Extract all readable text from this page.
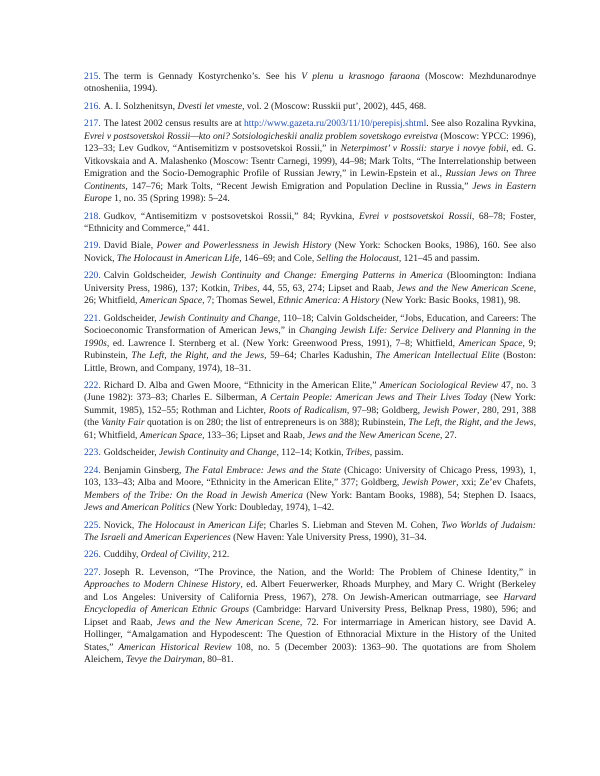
215. The term is Gennady Kostyrchenko’s. See his V plenu u krasnogo faraona (Moscow: Mezhdunarodnye otnosheniia, 1994).

216. A. I. Solzhenitsyn, Dvesti let vmeste, vol. 2 (Moscow: Russkii put’, 2002), 445, 468.

217. The latest 2002 census results are at http://www.gazeta.ru/2003/11/10/perepisj.shtml. See also Rozalina Ryvkina, Evrei v postsovetskoi Rossii—kto oni? Sotsiologicheskii analiz problem sovetskogo evreistva (Moscow: YPCC: 1996), 123–33; Lev Gudkov, “Antisemitizm v postsovetskoi Rossii,” in Neterpimost’ v Rossii: starye i novye fobii, ed. G. Vitkovskaia and A. Malashenko (Moscow: Tsentr Carnegi, 1999), 44–98; Mark Tolts, “The Interrelationship between Emigration and the Socio-Demographic Profile of Russian Jewry,” in Lewin-Epstein et al., Russian Jews on Three Continents, 147–76; Mark Tolts, “Recent Jewish Emigration and Population Decline in Russia,” Jews in Eastern Europe 1, no. 35 (Spring 1998): 5–24.

218. Gudkov, “Antisemitizm v postsovetskoi Rossii,” 84; Ryvkina, Evrei v postsovetskoi Rossii, 68–78; Foster, “Ethnicity and Commerce,” 441.

219. David Biale, Power and Powerlessness in Jewish History (New York: Schocken Books, 1986), 160. See also Novick, The Holocaust in American Life, 146–69; and Cole, Selling the Holocaust, 121–45 and passim.

220. Calvin Goldscheider, Jewish Continuity and Change: Emerging Patterns in America (Bloomington: Indiana University Press, 1986), 137; Kotkin, Tribes, 44, 55, 63, 274; Lipset and Raab, Jews and the New American Scene, 26; Whitfield, American Space, 7; Thomas Sewel, Ethnic America: A History (New York: Basic Books, 1981), 98.

221. Goldscheider, Jewish Continuity and Change, 110–18; Calvin Goldscheider, “Jobs, Education, and Careers: The Socioeconomic Transformation of American Jews,” in Changing Jewish Life: Service Delivery and Planning in the 1990s, ed. Lawrence I. Sternberg et al. (New York: Greenwood Press, 1991), 7–8; Whitfield, American Space, 9; Rubinstein, The Left, the Right, and the Jews, 59–64; Charles Kadushin, The American Intellectual Elite (Boston: Little, Brown, and Company, 1974), 18–31.

222. Richard D. Alba and Gwen Moore, “Ethnicity in the American Elite,” American Sociological Review 47, no. 3 (June 1982): 373–83; Charles E. Silberman, A Certain People: American Jews and Their Lives Today (New York: Summit, 1985), 152–55; Rothman and Lichter, Roots of Radicalism, 97–98; Goldberg, Jewish Power, 280, 291, 388 (the Vanity Fair quotation is on 280; the list of entrepreneurs is on 388); Rubinstein, The Left, the Right, and the Jews, 61; Whitfield, American Space, 133–36; Lipset and Raab, Jews and the New American Scene, 27.

223. Goldscheider, Jewish Continuity and Change, 112–14; Kotkin, Tribes, passim.

224. Benjamin Ginsberg, The Fatal Embrace: Jews and the State (Chicago: University of Chicago Press, 1993), 1, 103, 133–43; Alba and Moore, “Ethnicity in the American Elite,” 377; Goldberg, Jewish Power, xxi; Ze’ev Chafets, Members of the Tribe: On the Road in Jewish America (New York: Bantam Books, 1988), 54; Stephen D. Isaacs, Jews and American Politics (New York: Doubleday, 1974), 1–42.

225. Novick, The Holocaust in American Life; Charles S. Liebman and Steven M. Cohen, Two Worlds of Judaism: The Israeli and American Experiences (New Haven: Yale University Press, 1990), 31–34.

226. Cuddihy, Ordeal of Civility, 212.

227. Joseph R. Levenson, “The Province, the Nation, and the World: The Problem of Chinese Identity,” in Approaches to Modern Chinese History, ed. Albert Feuerwerker, Rhoads Murphey, and Mary C. Wright (Berkeley and Los Angeles: University of California Press, 1967), 278. On Jewish-American outmarriage, see Harvard Encyclopedia of American Ethnic Groups (Cambridge: Harvard University Press, Belknap Press, 1980), 596; and Lipset and Raab, Jews and the New American Scene, 72. For intermarriage in American history, see David A. Hollinger, “Amalgamation and Hypodescent: The Question of Ethnoracial Mixture in the History of the United States,” American Historical Review 108, no. 5 (December 2003): 1363–90. The quotations are from Sholem Aleichem, Tevye the Dairyman, 80–81.
